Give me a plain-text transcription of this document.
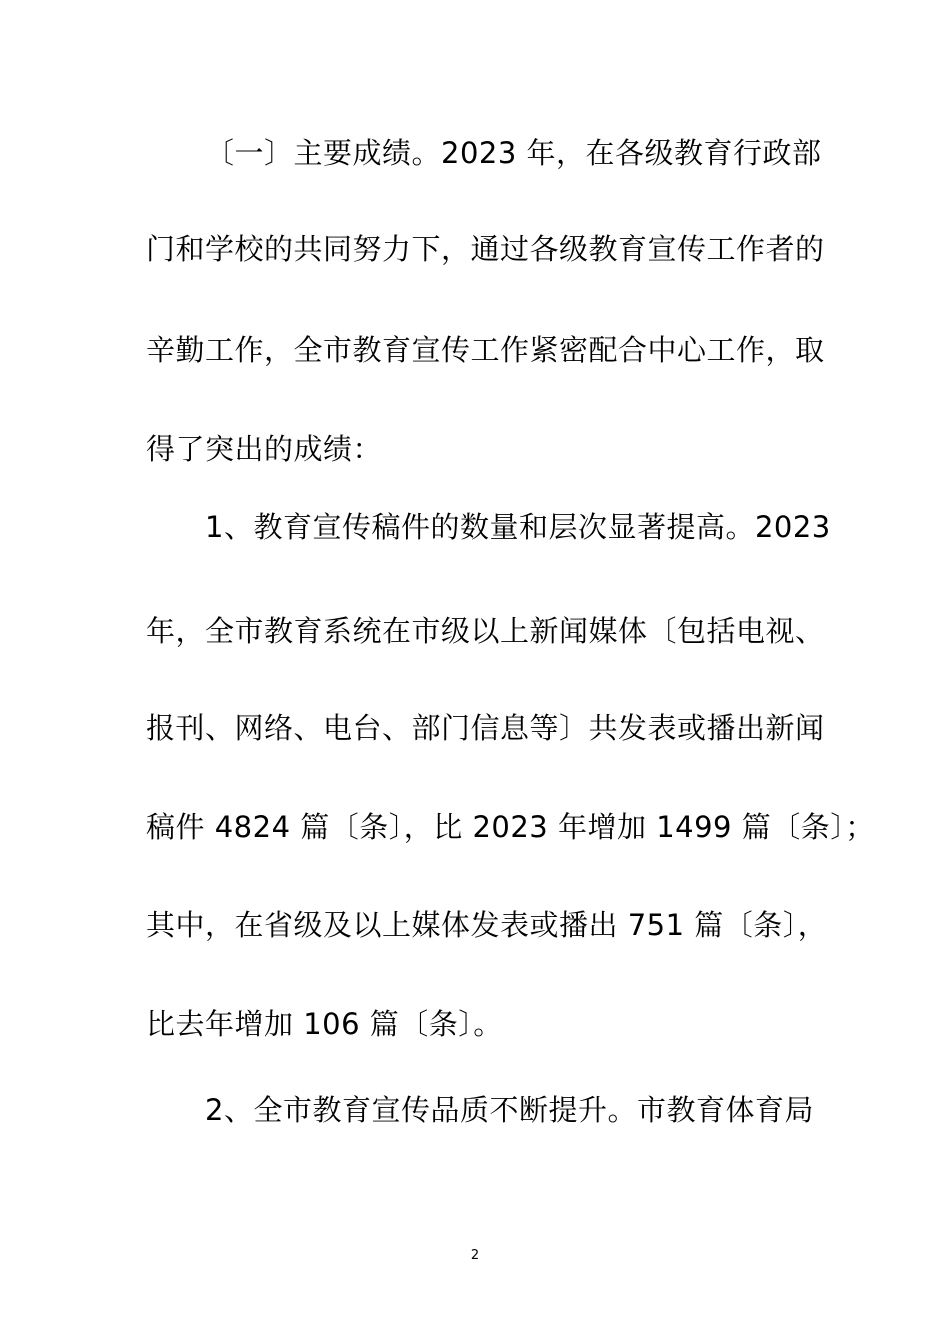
〔一〕主要成绩。2023 年，在各级教育行政部
门和学校的共同努力下，通过各级教育宣传工作者的
辛勤工作，全市教育宣传工作紧密配合中心工作，取
得了突出的成绩：
1、教育宣传稿件的数量和层次显著提高。2023
年，全市教育系统在市级以上新闻媒体〔包括电视、
报刊、网络、电台、部门信息等〕共发表或播出新闻
稿件 4824 篇〔条〕，比 2023 年增加 1499 篇〔条〕；
其中，在省级及以上媒体发表或播出 751 篇〔条〕，
比去年增加 106 篇〔条〕。
2、全市教育宣传品质不断提升。市教育体育局
2
